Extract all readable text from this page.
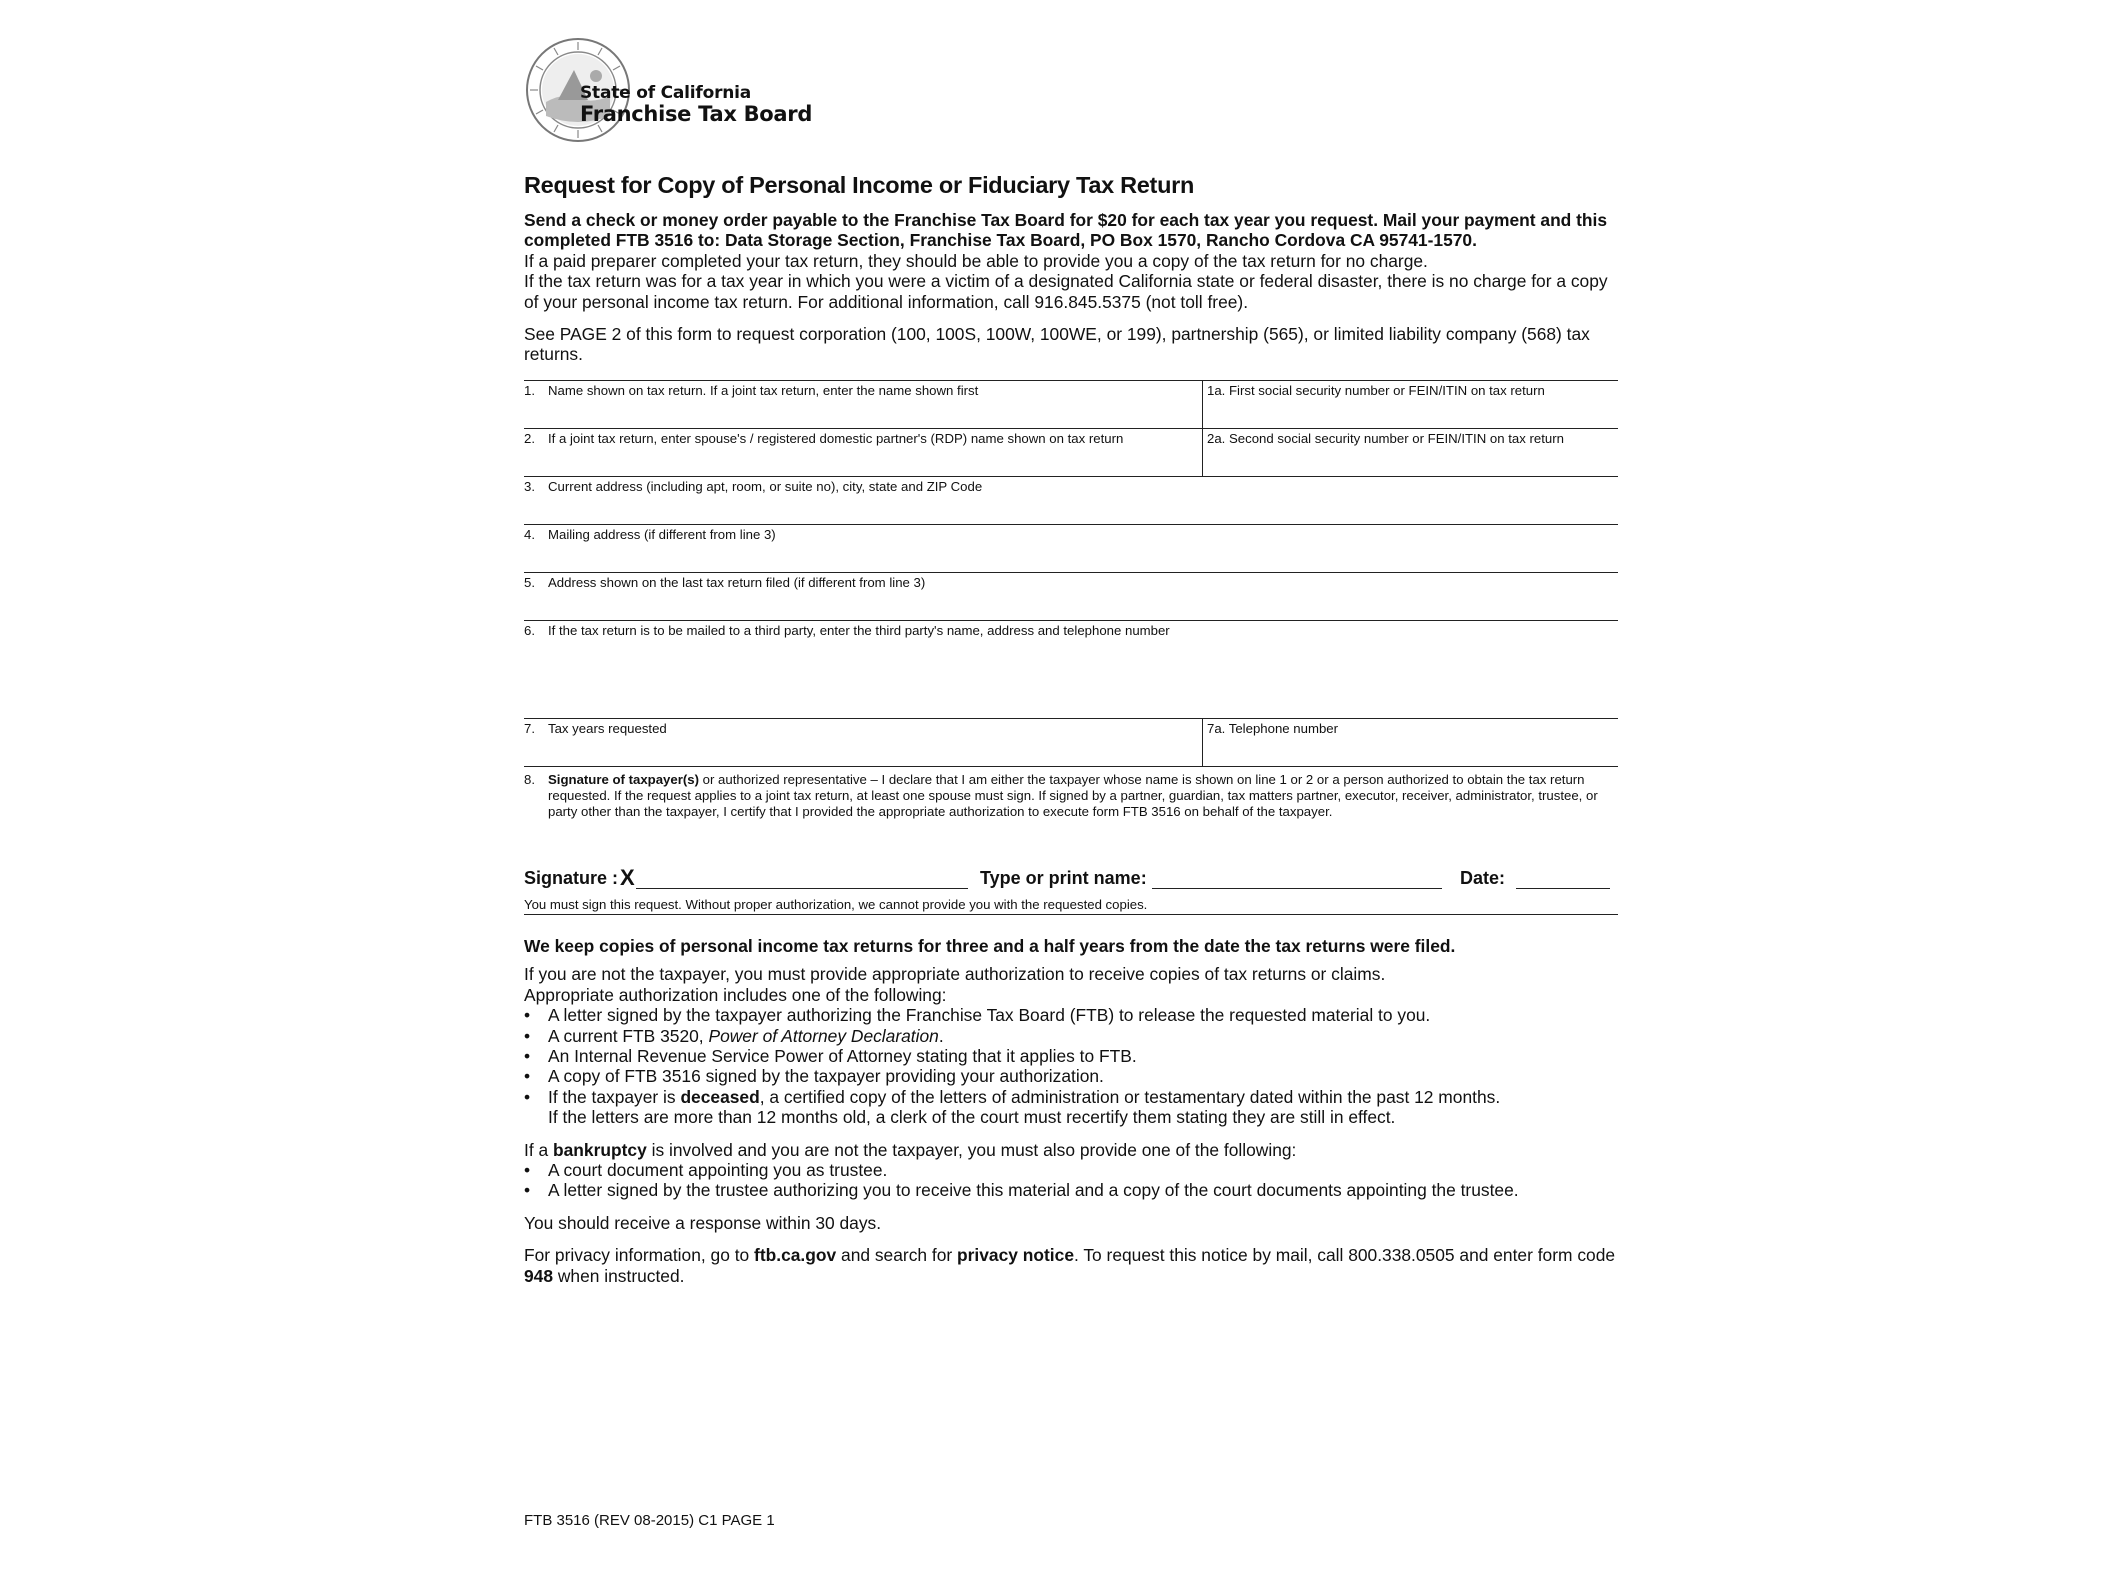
State of California
Franchise Tax Board
Request for Copy of Personal Income or Fiduciary Tax Return

Send a check or money order payable to the Franchise Tax Board for $20 for each tax year you request. Mail your payment and this completed FTB 3516 to: Data Storage Section, Franchise Tax Board, PO Box 1570, Rancho Cordova CA 95741-1570.

If a paid preparer completed your tax return, they should be able to provide you a copy of the tax return for no charge.

If the tax return was for a tax year in which you were a victim of a designated California state or federal disaster, there is no charge for a copy of your personal income tax return. For additional information, call 916.845.5375 (not toll free).

See PAGE 2 of this form to request corporation (100, 100S, 100W, 100WE, or 199), partnership (565), or limited liability company (568) tax returns.

1. Name shown on tax return. If a joint tax return, enter the name shown first	1a. First social security number or FEIN/ITIN on tax return
2. If a joint tax return, enter spouse's / registered domestic partner's (RDP) name shown on tax return	2a. Second social security number or FEIN/ITIN on tax return
3. Current address (including apt, room, or suite no), city, state and ZIP Code
4. Mailing address (if different from line 3)
5. Address shown on the last tax return filed (if different from line 3)
6. If the tax return is to be mailed to a third party, enter the third party's name, address and telephone number
7. Tax years requested	7a. Telephone number
8. Signature of taxpayer(s) or authorized representative – I declare that I am either the taxpayer whose name is shown on line 1 or 2 or a person authorized to obtain the tax return requested. If the request applies to a joint tax return, at least one spouse must sign. If signed by a partner, guardian, tax matters partner, executor, receiver, administrator, trustee, or party other than the taxpayer, I certify that I provided the appropriate authorization to execute form FTB 3516 on behalf of the taxpayer.
Signature : X	Type or print name:	Date:
You must sign this request. Without proper authorization, we cannot provide you with the requested copies.

We keep copies of personal income tax returns for three and a half years from the date the tax returns were filed.

If you are not the taxpayer, you must provide appropriate authorization to receive copies of tax returns or claims.

Appropriate authorization includes one of the following:

• A letter signed by the taxpayer authorizing the Franchise Tax Board (FTB) to release the requested material to you.
• A current FTB 3520, Power of Attorney Declaration.
• An Internal Revenue Service Power of Attorney stating that it applies to FTB.
• A copy of FTB 3516 signed by the taxpayer providing your authorization.
• If the taxpayer is deceased, a certified copy of the letters of administration or testamentary dated within the past 12 months.
If the letters are more than 12 months old, a clerk of the court must recertify them stating they are still in effect.

If a bankruptcy is involved and you are not the taxpayer, you must also provide one of the following:

• A court document appointing you as trustee.
• A letter signed by the trustee authorizing you to receive this material and a copy of the court documents appointing the trustee.

You should receive a response within 30 days.

For privacy information, go to ftb.ca.gov and search for privacy notice. To request this notice by mail, call 800.338.0505 and enter form code 948 when instructed.

FTB 3516 (REV 08-2015) C1 PAGE 1
